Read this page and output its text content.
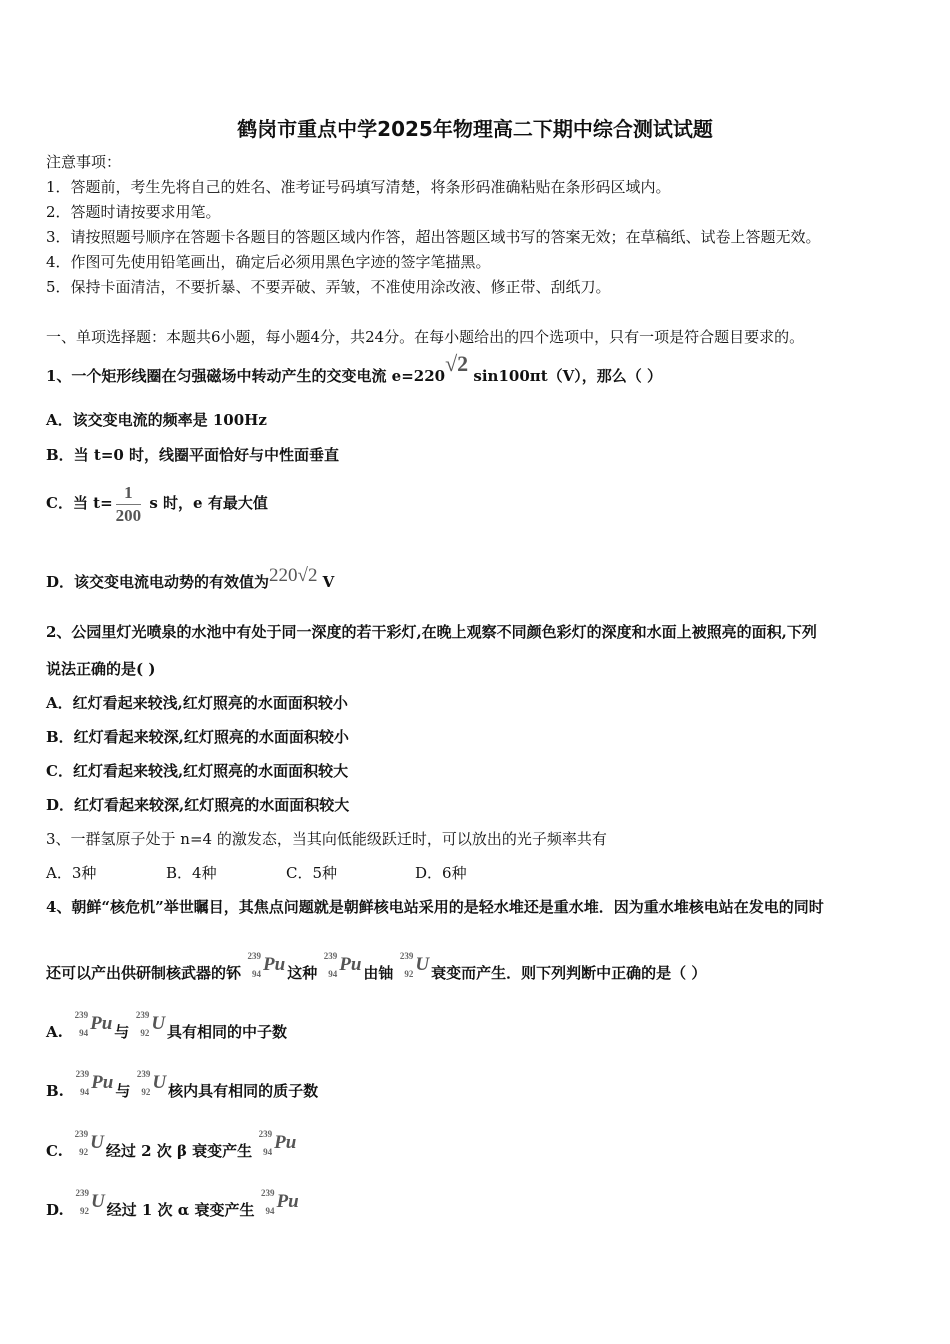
鹤岗市重点中学2025年物理高二下期中综合测试试题
注意事项：
1．答题前，考生先将自己的姓名、准考证号码填写清楚，将条形码准确粘贴在条形码区域内。
2．答题时请按要求用笔。
3．请按照题号顺序在答题卡各题目的答题区域内作答，超出答题区域书写的答案无效；在草稿纸、试卷上答题无效。
4．作图可先使用铅笔画出，确定后必须用黑色字迹的签字笔描黑。
5．保持卡面清洁，不要折暴、不要弄破、弄皱，不准使用涂改液、修正带、刮纸刀。
一、单项选择题：本题共6小题，每小题4分，共24分。在每小题给出的四个选项中，只有一项是符合题目要求的。
1、一个矩形线圈在匀强磁场中转动产生的交变电流 e=220√2 sin100πt（V），那么（ ）
A．该交变电流的频率是 100Hz
B．当 t=0 时，线圈平面恰好与中性面垂直
C．当 $t= \frac{1}{200}$ s 时，e 有最大值
D．该交变电流电动势的有效值为220√2 V
2、公园里灯光喷泉的水池中有处于同一深度的若干彩灯,在晚上观察不同颜色彩灯的深度和水面上被照亮的面积,下列
说法正确的是( )
A．红灯看起来较浅,红灯照亮的水面面积较小
B．红灯看起来较深,红灯照亮的水面面积较小
C．红灯看起来较浅,红灯照亮的水面面积较大
D．红灯看起来较深,红灯照亮的水面面积较大
3、一群氢原子处于 n=4 的激发态，当其向低能级跃迁时，可以放出的光子频率共有
A．3种	B．4种	C．5种	D．6种
4、朝鲜“核危机”举世瞩目，其焦点问题就是朝鲜核电站采用的是轻水堆还是重水堆．因为重水堆核电站在发电的同时
还可以产出供研制核武器的钚
239
94 Pu 这种
239
94 Pu 由铀
239
92 U 衰变而产生．则下列判断中正确的是（ ）
A.
239
94 Pu 与
239
92 U 具有相同的中子数
B.
239
94 Pu 与
239
92 U 核内具有相同的质子数
C.
239
92 U 经过 2 次 β 衰变产生
239
94 Pu
D.
239
92 U 经过 1 次 α 衰变产生
239
94 Pu
